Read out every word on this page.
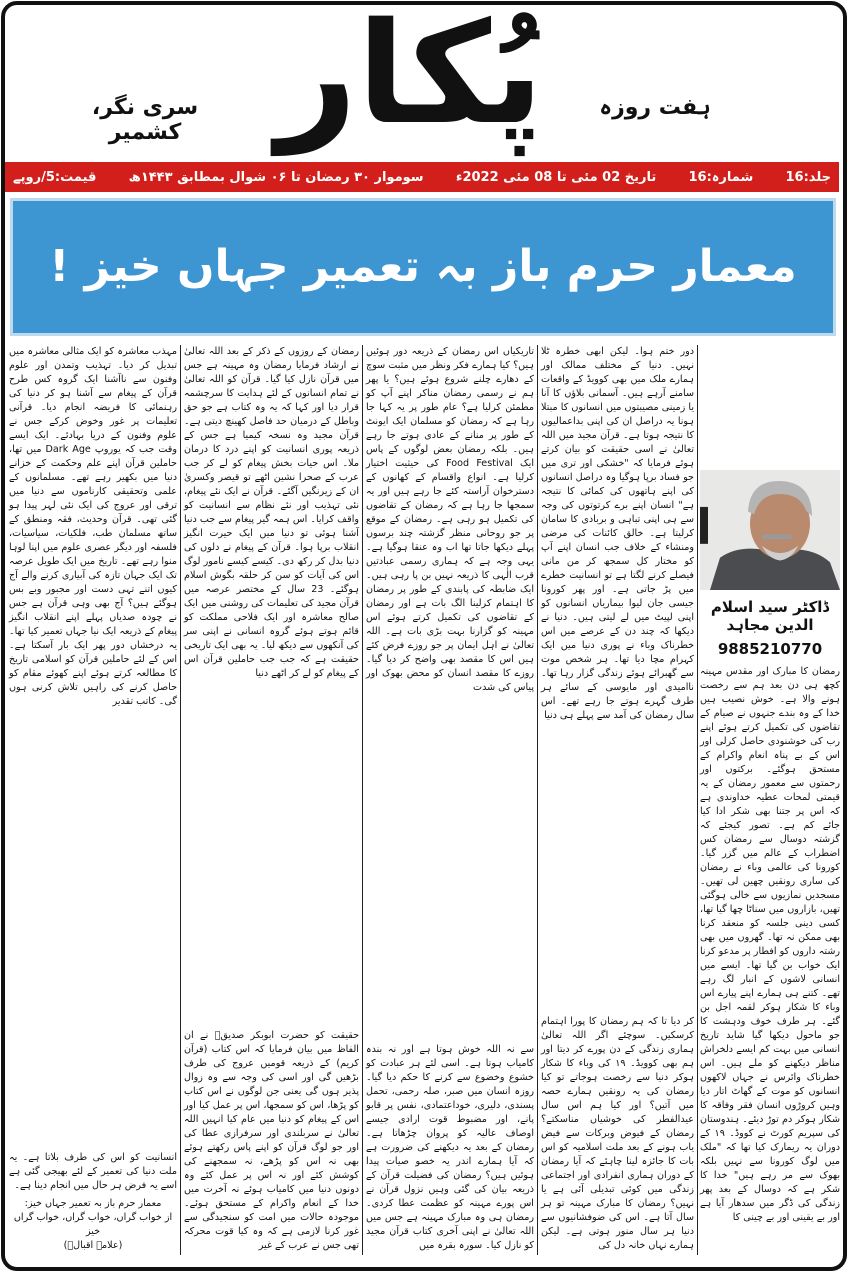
پُکار	ہفت روزہ
سری نگر، کشمیر
جلد:16
شمارہ:16
تاریخ 02 مئی تا 08 مئی 2022ء
سوموار ۳۰ رمضان تا ۰۶ شوال بمطابق ۱۴۴۳ھ
قیمت:5/روپے
معمار حرم باز بہ تعمیر جہاں خیز !
ڈاکٹر سید اسلام الدین مجاہد
9885210770
رمضان کا مبارک اور مقدس مہینہ کچھ ہی دن بعد ہم سے رخصت ہونے والا ہے۔ خوش نصیب ہیں خدا کے وہ بندے جنہوں نے صیام کے تقاضوں کی تکمیل کرتے ہوئے اپنے رب کی خوشنودی حاصل کرلی اور اس کے بے پناہ انعام واکرام کے مستحق ہوگئے۔ برکتوں اور رحمتوں سے معمور رمضان کے یہ قیمتی لمحات عطیہ خداوندی ہے کہ اس پر جتنا بھی شکر ادا کیا جائے کم ہے۔ تصور کیجئے کہ گزشتہ دوسال سے رمضان کس اضطراب کے عالم میں گزر گیا۔ کورونا کی عالمی وباء نے رمضان کی ساری رونقیں چھین لی تھیں۔ مسجدیں نمازیوں سے خالی ہوگئی تھیں، بازاروں میں سناٹا چھا گیا تھا، کسی دینی جلسہ کو منعقد کرنا بھی ممکن نہ تھا۔ گھروں میں بھی رشتہ داروں کو افطار پر مدعو کرنا ایک خواب بن گیا تھا۔ ایسے میں انسانی لاشوں کے انبار لگ رہے تھے۔ کتنے ہی ہمارے اپنے پیارے اس وباء کا شکار ہوکر لقمہ اجل بن گئے۔ ہر طرف خوف ودہشت کا جو ماحول دیکھا گیا شاید تاریخ انسانی میں بہت کم ایسے دلخراش مناظر دیکھنے کو ملے ہیں۔ اس خطرناک وائرس نے جہاں لاکھوں انسانوں کو موت کے گھاٹ اتار دیا وہیں کروڑوں انسان فقر وفاقہ کا شکار ہوکر دم توڑ دیئے۔ ہندوستان کی سپریم کورٹ نے کووڈ۔ ۱۹ کے دوران یہ ریمارک کیا تھا کہ "ملک میں لوگ کورونا سے نہیں بلکہ بھوک سے مر رہے ہیں" خدا کا شکر ہے کہ دوسال کے بعد پھر زندگی کی ڈگر میں سدھار آیا ہے اور بے یقینی اور بے چینی کا
دور ختم ہوا۔ لیکن ابھی خطرہ ٹلا نہیں۔ دنیا کے مختلف ممالک اور ہمارے ملک میں بھی کوویڈ کے واقعات سامنے آرہے ہیں۔ آسمانی بلاؤں کا آنا یا زمینی مصیبتوں میں انسانوں کا مبتلا ہونا یہ دراصل ان کی اپنی بداعمالیوں کا نتیجہ ہوتا ہے۔ قرآن مجید میں اللہ تعالیٰ نے اسی حقیقت کو بیان کرتے ہوئے فرمایا کہ "خشکی اور تری میں جو فساد برپا ہوگیا وہ دراصل انسانوں کی اپنے ہاتھوں کی کمائی کا نتیجہ ہے" انسان اپنے برے کرتوتوں کی وجہ سے ہی اپنی تباہی و بربادی کا سامان کرلیتا ہے۔ خالق کائنات کی مرضی ومنشاء کے خلاف جب انسان اپنے آپ کو مختار کل سمجھ کر من مانی فیصلے کرنے لگتا ہے تو انسانیت خطرے میں پڑ جاتی ہے۔ اور پھر کورونا جیسی جان لیوا بیماریاں انسانوں کو اپنی لپیٹ میں لے لیتی ہیں۔ دنیا نے دیکھا کہ چند دن کے عرصے میں اس خطرناک وباء نے پوری دنیا میں ایک کہرام مچا دیا تھا۔ ہر شخص موت سے گھبرائے ہوئے زندگی گزار رہا تھا۔ ناامیدی اور مایوسی کے سائے ہر طرف گہرے ہوتے جا رہے تھے۔ اس سال رمضان کی آمد سے پہلے ہی دنیا
کر دیا تا کہ ہم رمضان کا پورا اہتمام کرسکیں۔ سوچئے اگر اللہ تعالیٰ ہماری زندگی کے دن پورے کر دیتا اور ہم بھی کوویڈ۔ ۱۹ کی وباء کا شکار ہوکر دنیا سے رخصت ہوجاتے تو کیا رمضان کی یہ رونقیں ہمارے حصہ میں آتیں؟ اور کیا ہم اس سال عیدالفطر کی خوشیاں مناسکتے؟ رمضان کے فیوض وبرکات سے فیض یاب ہونے کے بعد ملت اسلامیہ کو اس بات کا جائزہ لینا چاہئے کہ آیا رمضان کے دوران ہماری انفرادی اور اجتماعی زندگی میں کوئی تبدیلی آئی ہے یا نہیں؟ رمضان کا مبارک مہینہ تو ہر سال آتا ہے۔ اس کی ضوفشانیوں سے دنیا ہر سال منور ہوتی ہے۔ لیکن ہمارے نہاں خانہ دل کی
تاریکیاں اس رمضان کے ذریعہ دور ہوئیں ہیں؟ کیا ہمارے فکر ونظر میں مثبت سوچ کے دھارے چلنے شروع ہوئے ہیں؟ یا پھر ہم نے رسمی رمضان مناکر اپنے آپ کو مطمئن کرلیا ہے؟ عام طور پر یہ کہا جا رہا ہے کہ رمضان کو مسلمان ایک ایونٹ کے طور پر منانے کے عادی ہوتے جا رہے ہیں۔ بلکہ رمضان بعض لوگوں کے پاس ایک Food Festival کی حیثیت اختیار کرلیا ہے۔ انواع واقسام کے کھانوں کے دسترخوان آراستہ کئے جا رہے ہیں اور یہ سمجھا جا رہا ہے کہ رمضان کے تقاضوں کی تکمیل ہو رہی ہے۔ رمضان کے موقع پر جو روحانی منظر گزشتہ چند برسوں پہلے دیکھا جاتا تھا اب وہ عنقا ہوگیا ہے۔ یہی وجہ ہے کہ ہماری رسمی عبادتیں قرب الٰہی کا ذریعہ نہیں بن پا رہی ہیں۔ ایک ضابطہ کی پابندی کے طور پر رمضان کا اہتمام کرلینا الگ بات ہے اور رمضان کے تقاضوں کی تکمیل کرتے ہوئے اس مہینہ کو گزارنا بہت بڑی بات ہے۔ اللہ تعالیٰ نے اہل ایمان پر جو روزے فرض کئے ہیں اس کا مقصد بھی واضح کر دیا گیا۔ روزے کا مقصد انسان کو محض بھوک اور پیاس کی شدت
سے نہ اللہ خوش ہوتا ہے اور نہ بندہ کامیاب ہوتا ہے۔ اسی لئے ہر عبادت کو خشوع وخضوع سے کرنے کا حکم دیا گیا۔ روزہ انسان میں صبر، صلہ رحمی، تحمل پسندی، دلیری، خوداعتمادی، نفس پر قابو پانے، اور مضبوط قوت ارادی جیسے اوصاف عالیہ کو پروان چڑھاتا ہے۔ رمضان کے بعد یہ دیکھنے کی ضرورت ہے کہ آیا ہمارے اندر یہ خصو صیات پیدا ہوئیں ہیں؟ رمضان کی فضیلت قرآن کے ذریعہ بیان کی گئی وہیں نزول قرآن نے اس پورے مہینہ کو عظمت عطا کردی۔ رمضان ہی وہ مبارک مہینہ ہے جس میں اللہ تعالیٰ نے اپنی آخری کتاب قرآن مجید کو نازل کیا۔ سورہ بقرہ میں
رمضان کے روزوں کے ذکر کے بعد اللہ تعالیٰ نے ارشاد فرمایا رمضان وہ مہینہ ہے جس میں قرآن نازل کیا گیا۔ قرآن کو اللہ تعالیٰ نے تمام انسانوں کے لئے ہدایت کا سرچشمہ قرار دیا اور کہا کہ یہ وہ کتاب ہے جو حق وباطل کے درمیان حد فاصل کھینچ دیتی ہے۔ قرآن مجید وہ نسخہ کیمیا ہے جس کے ذریعہ پوری انسانیت کو اپنے درد کا درمان ملا۔ اس حیات بخش پیغام کو لے کر جب عرب کے صحرا نشین اٹھے تو قیصر وکسریٰ ان کے زیرنگیں آگئے۔ قرآن نے ایک نئے پیغام، نئی تہذیب اور نئے نظام سے انسانیت کو واقف کرایا۔ اس ہمہ گیر پیغام سے جب دنیا آشنا ہوئی تو دنیا میں ایک حیرت انگیز انقلاب برپا ہوا۔ قرآن کے پیغام نے دلوں کی دنیا بدل کر رکھ دی۔ کیسے کیسے نامور لوگ اس کی آیات کو سن کر حلقہ بگوش اسلام ہوگئے۔ 23 سال کے مختصر عرصہ میں قرآن مجید کی تعلیمات کی روشنی میں ایک صالح معاشرہ اور ایک فلاحی مملکت کو قائم ہوتے ہوئے گروہ انسانی نے اپنی سر کی آنکھوں سے دیکھ لیا۔ یہ بھی ایک تاریخی حقیقت ہے کہ جب جب حاملین قرآن اس کے پیغام کو لے کر اٹھے دنیا
حقیقت کو حضرت ابوبکر صدیقؓ نے ان الفاظ میں بیان فرمایا کہ اس کتاب (قرآن کریم) کے ذریعہ قومیں عروج کی طرف بڑھیں گی اور اسی کی وجہ سے وہ زوال پذیر ہوں گی یعنی جن لوگوں نے اس کتاب کو پڑھا، اس کو سمجھا، اس پر عمل کیا اور اس کے پیغام کو دنیا میں عام کیا انہیں اللہ تعالیٰ نے سربلندی اور سرفرازی عطا کی اور جو لوگ قرآن کو اپنے پاس رکھتے ہوئے بھی نہ اس کو پڑھے، نہ سمجھنے کی کوشش کئے اور نہ اس پر عمل کئے وہ دونوں دنیا میں کامیاب ہوئے نہ آخرت میں خدا کے انعام واکرام کے مستحق ہوئے۔ موجودہ حالات میں امت کو سنجیدگی سے غور کرنا لازمی ہے کہ وہ کیا قوت محرکہ تھی جس نے عرب کے غیر
مہذب معاشرہ کو ایک مثالی معاشرہ میں تبدیل کر دیا۔ تہذیب وتمدن اور علوم وفنون سے ناآشنا ایک گروہ کس طرح قرآن کے پیغام سے آشنا ہو کر دنیا کی رہنمائی کا فریضہ انجام دیا۔ قرآنی تعلیمات پر غور وخوض کرکے جس نے علوم وفنون کے دریا بہادئے۔ ایک ایسے وقت جب کہ یوروپ Dark Age میں تھا، حاملین قرآن اپنے علم وحکمت کے خزانے دنیا میں بکھیر رہے تھے۔ مسلمانوں کے علمی وتحقیقی کارناموں سے دنیا میں ترقی اور عروج کی ایک نئی لہر پیدا ہو گئی تھی۔ قرآن وحدیث، فقہ ومنطق کے ساتھ مسلمان طب، فلکیات، سیاسیات، فلسفہ اور دیگر عصری علوم میں اپنا لوہا منوا رہے تھے۔ تاریخ میں ایک طویل عرصہ تک ایک جہان تازہ کی آبیاری کرنے والے آج کیوں اتنے تہی دست اور مجبور وبے بس ہوگئے ہیں؟ آج بھی وہی قرآن ہے جس نے چودہ صدیاں پہلے اپنے انقلاب انگیز پیغام کے ذریعہ ایک نیا جہاں تعمیر کیا تھا۔ یہ درخشاں دور پھر ایک بار آسکتا ہے۔ اس کے لئے حاملین قرآن کو اسلامی تاریخ کا مطالعہ کرتے ہوئے اپنے کھوئے مقام کو حاصل کرنے کی راہیں تلاش کرنی ہوں گی۔ کاتب تقدیر
انسانیت کو اس کی طرف بلاتا ہے۔ یہ ملت دنیا کی تعمیر کے لئے بھیجی گئی ہے اسے یہ فرض ہر حال میں انجام دینا ہے۔
معمار حرم باز بہ تعمیر جہاں خیز:
از خواب گراں، خواب گراں، خواب گراں خیز
(علامہ اقبالؒ)
